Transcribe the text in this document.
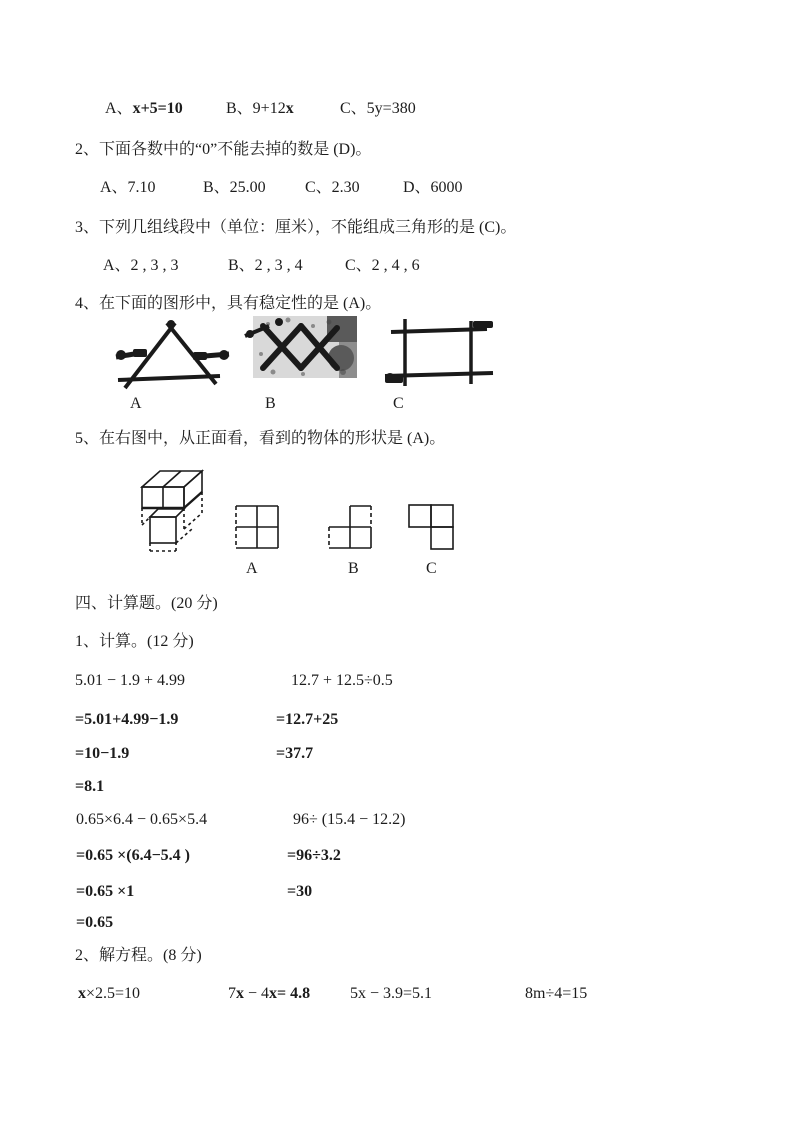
A、x+5=10	B、9+12x	C、5y=380
2、下面各数中的“0”不能去掉的数是 (D)。
A、7.10	B、25.00 C、2.30	D、6000
3、下列几组线段中（单位：厘米），不能组成三角形的是 (C)。
A、2 , 3 , 3	B、2 , 3 , 4	C、2 , 4 , 6
4、在下面的图形中，具有稳定性的是 (A)。
A	B	C
5、在右图中，从正面看，看到的物体的形状是 (A)。
A	B	C
四、计算题。(20 分)
1、计算。(12 分)
5.01 − 1.9 + 4.99	12.7 + 12.5÷0.5
=5.01+4.99−1.9	=12.7+25
=10−1.9	=37.7
=8.1
0.65×6.4 − 0.65×5.4	96÷ (15.4 − 12.2)
=0.65 ×(6.4−5.4 )	=96÷3.2
=0.65 ×1	=30
=0.65
2、解方程。(8 分)
x×2.5=10	7x − 4x= 4.8 5x − 3.9=5.1	8m÷4=15
